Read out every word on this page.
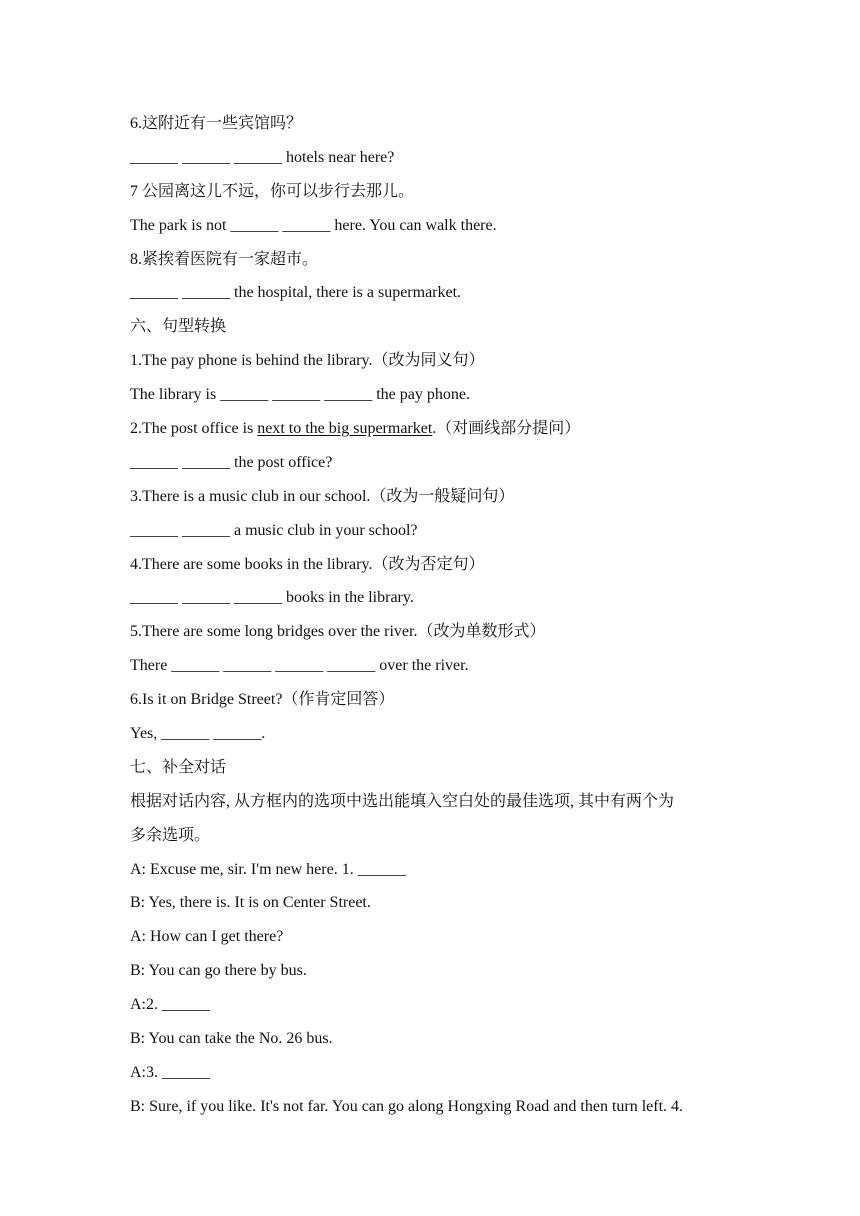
6.这附近有一些宾馆吗？
______ ______ ______ hotels near here?
7 公园离这儿不远，你可以步行去那儿。
The park is not ______ ______ here. You can walk there.
8.紧挨着医院有一家超市。
______ ______ the hospital, there is a supermarket.
六、句型转换
1.The pay phone is behind the library.（改为同义句）
The library is ______ ______ ______ the pay phone.
2.The post office is next to the big supermarket.（对画线部分提问）
______ ______ the post office?
3.There is a music club in our school.（改为一般疑问句）
______ ______ a music club in your school?
4.There are some books in the library.（改为否定句）
______ ______ ______ books in the library.
5.There are some long bridges over the river.（改为单数形式）
There ______ ______ ______ ______ over the river.
6.Is it on Bridge Street?（作肯定回答）
Yes, ______ ______.
七、补全对话
根据对话内容, 从方框内的选项中选出能填入空白处的最佳选项, 其中有两个为
多余选项。
A: Excuse me, sir. I'm new here. 1. ______
B: Yes, there is. It is on Center Street.
A: How can I get there?
B: You can go there by bus.
A:2. ______
B: You can take the No. 26 bus.
A:3. ______
B: Sure, if you like. It's not far. You can go along Hongxing Road and then turn left. 4.
